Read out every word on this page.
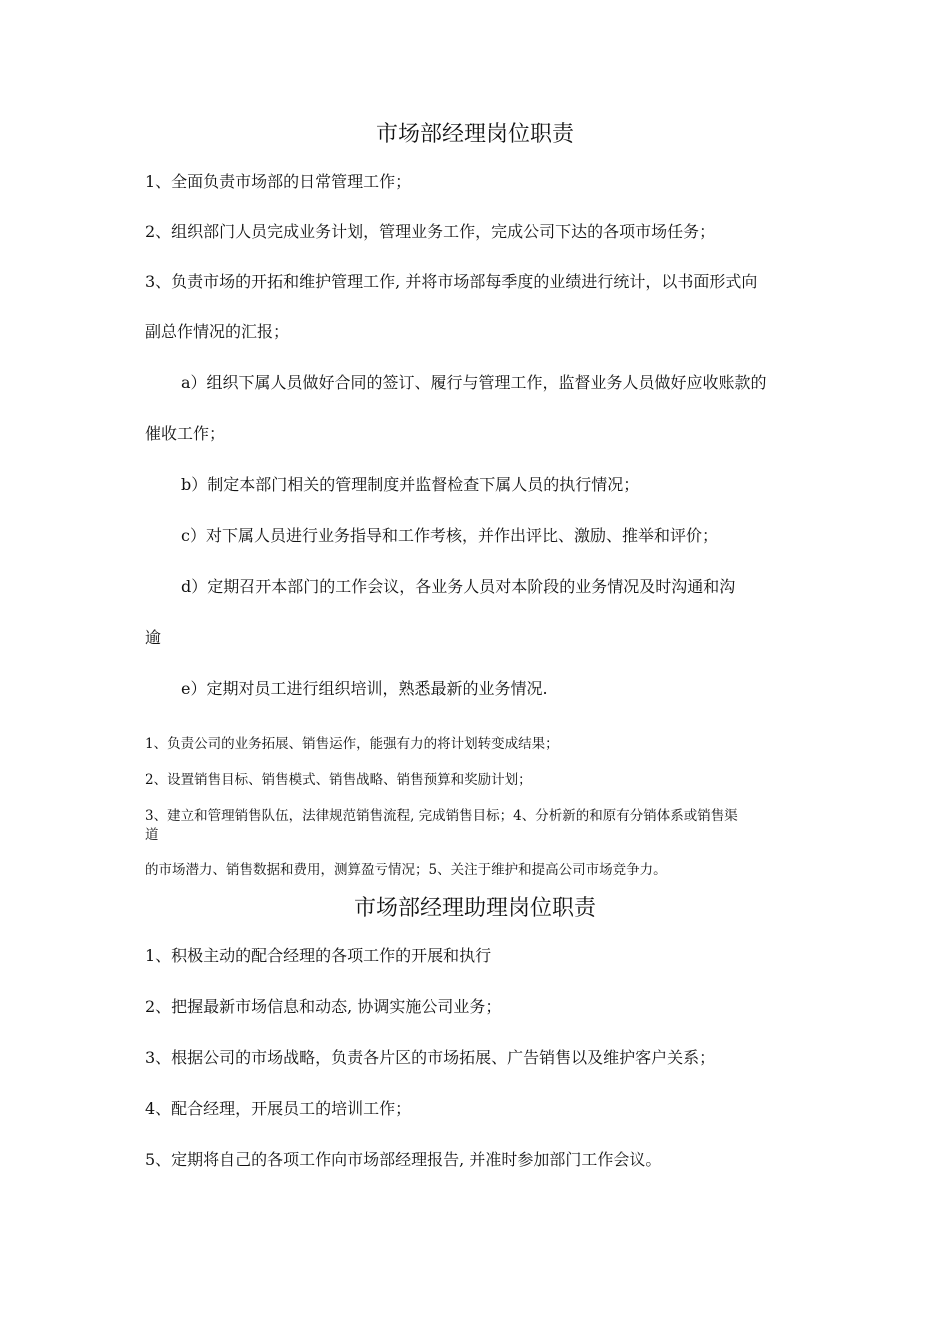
市场部经理岗位职责
1、全面负责市场部的日常管理工作；
2、组织部门人员完成业务计划，管理业务工作，完成公司下达的各项市场任务；
3、负责市场的开拓和维护管理工作, 并将市场部每季度的业绩进行统计，以书面形式向
副总作情况的汇报；
a）组织下属人员做好合同的签订、履行与管理工作，监督业务人员做好应收账款的
催收工作；
b）制定本部门相关的管理制度并监督检查下属人员的执行情况；
c）对下属人员进行业务指导和工作考核，并作出评比、激励、推举和评价；
d）定期召开本部门的工作会议，各业务人员对本阶段的业务情况及时沟通和沟
逾
e）定期对员工进行组织培训，熟悉最新的业务情况.
1、负责公司的业务拓展、销售运作，能强有力的将计划转变成结果；
2、设置销售目标、销售模式、销售战略、销售预算和奖励计划；
3、建立和管理销售队伍，法律规范销售流程, 完成销售目标；4、分析新的和原有分销体系或销售渠
道
的市场潜力、销售数据和费用，测算盈亏情况；5、关注于维护和提高公司市场竞争力。
市场部经理助理岗位职责
1、积极主动的配合经理的各项工作的开展和执行
2、把握最新市场信息和动态, 协调实施公司业务；
3、根据公司的市场战略，负责各片区的市场拓展、广告销售以及维护客户关系；
4、配合经理，开展员工的培训工作；
5、定期将自己的各项工作向市场部经理报告, 并准时参加部门工作会议。
